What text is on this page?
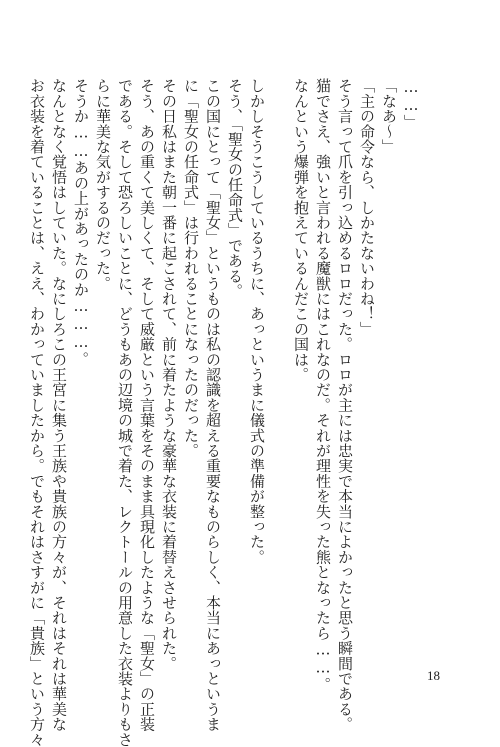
……」
「なあ〜」
「主の命令なら、しかたないわね！」
そう言って爪を引っ込めるロロだった。ロロが主には忠実で本当によかったと思う瞬間である。
猫でさえ、強いと言われる魔獣にはこれなのだ。それが理性を失った熊となったら……。
なんという爆弾を抱えているんだこの国は。
しかしそうこうしているうちに、あっというまに儀式の準備が整った。
そう、「聖女の任命式」である。
この国にとって「聖女」というものは私の認識を超える重要なものらしく、本当にあっというま
に「聖女の任命式」は行われることになったのだった。
その日私はまた朝一番に起こされて、前に着たような豪華な衣装に着替えさせられた。
そう、あの重くて美しくて、そして威厳という言葉をそのまま具現化したような「聖女」の正装
である。そして恐ろしいことに、どうもあの辺境の城で着た、レクトールの用意した衣装よりもさ
らに華美な気がするのだった。
そうか……あの上があったのか………。
なんとなく覚悟はしていた。なにしろこの王宮に集う王族や貴族の方々が、それはそれは華美な
お衣装を着ていることは、ええ、わかっていましたから。でもそれはさすがに「貴族」という方々	18
